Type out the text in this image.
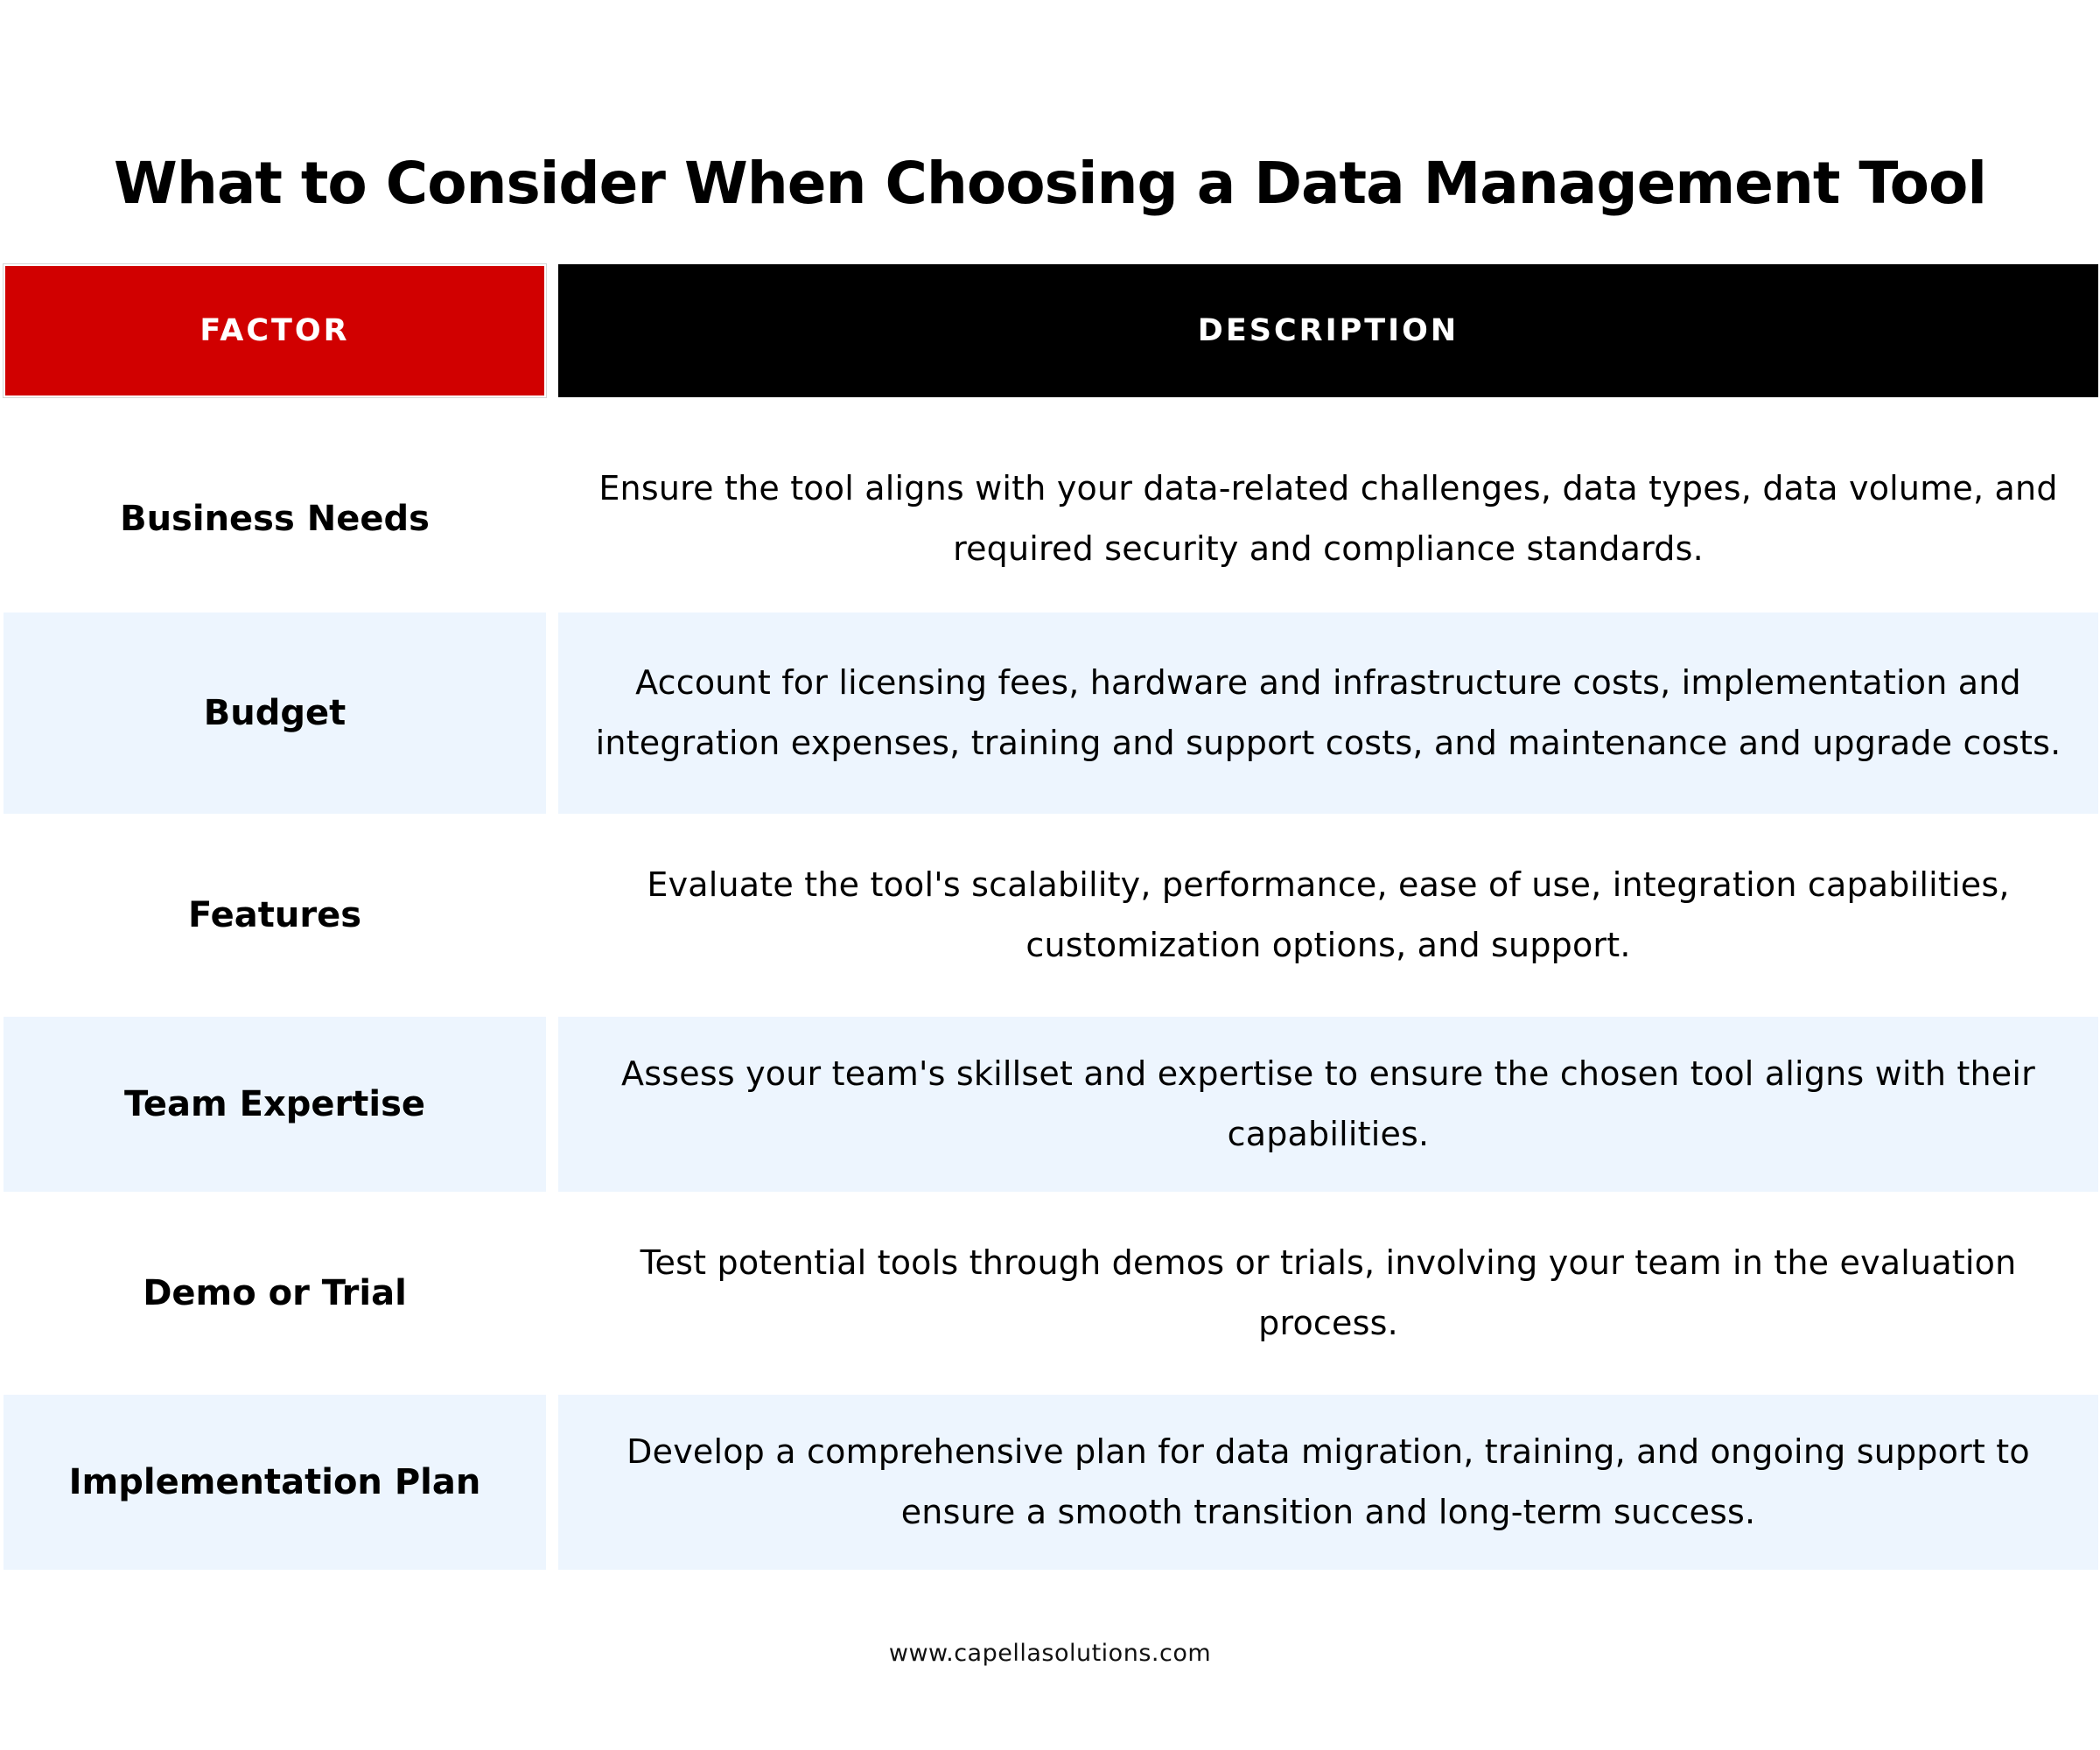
What to Consider When Choosing a Data Management Tool
FACTOR	DESCRIPTION
Business Needs
Ensure the tool aligns with your data-related challenges, data types, data volume, and required security and compliance standards.
Budget
Account for licensing fees, hardware and infrastructure costs, implementation and integration expenses, training and support costs, and maintenance and upgrade costs.
Features
Evaluate the tool's scalability, performance, ease of use, integration capabilities, customization options, and support.
Team Expertise
Assess your team's skillset and expertise to ensure the chosen tool aligns with their capabilities.
Demo or Trial
Test potential tools through demos or trials, involving your team in the evaluation process.
Implementation Plan
Develop a comprehensive plan for data migration, training, and ongoing support to ensure a smooth transition and long-term success.
www.capellasolutions.com
